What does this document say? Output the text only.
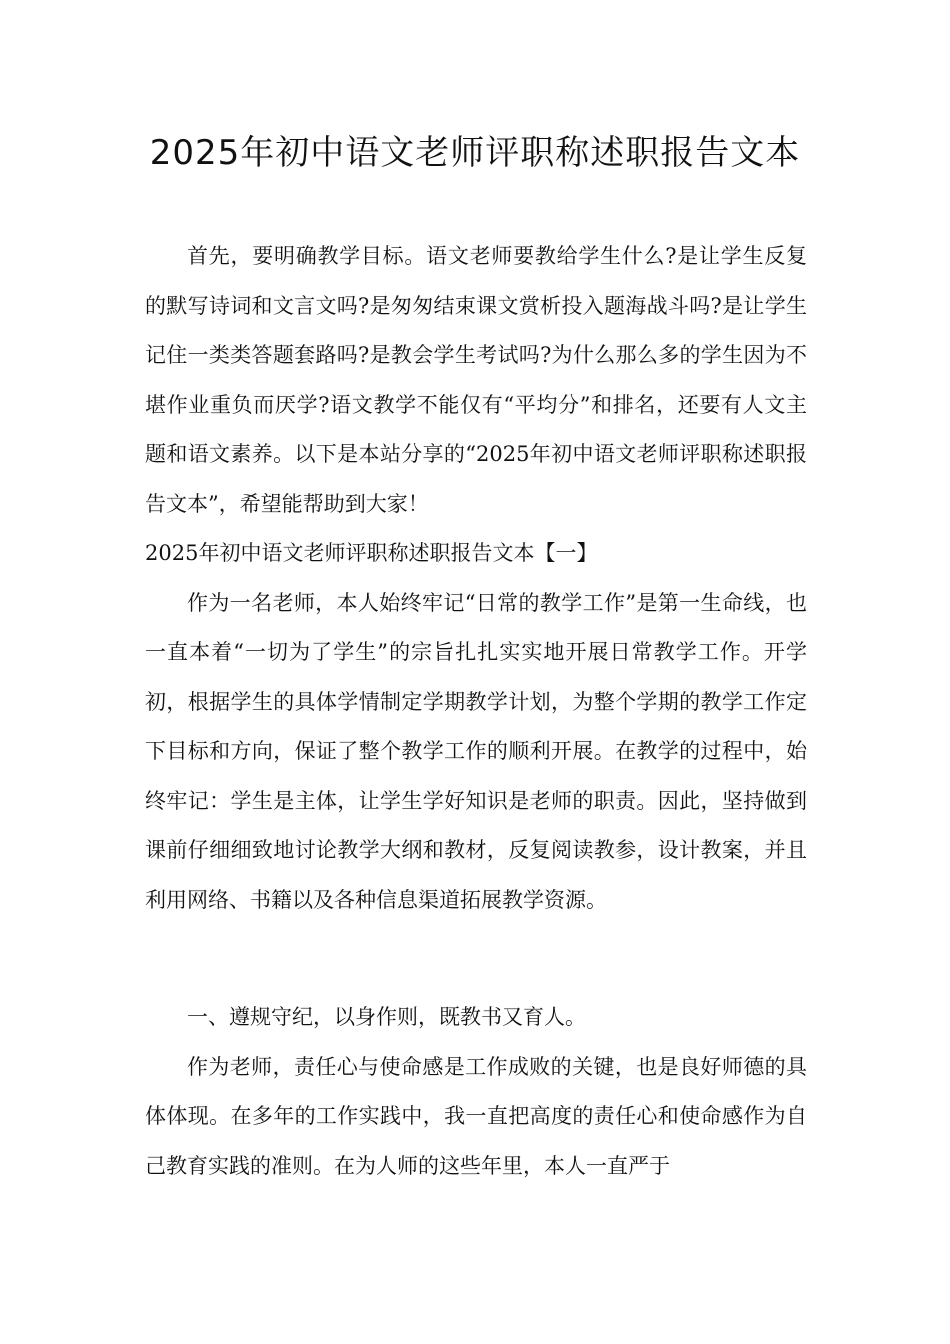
2025年初中语文老师评职称述职报告文本

首先，要明确教学目标。语文老师要教给学生什么?是让学生反复的默写诗词和文言文吗?是匆匆结束课文赏析投入题海战斗吗?是让学生记住一类类答题套路吗?是教会学生考试吗?为什么那么多的学生因为不堪作业重负而厌学?语文教学不能仅有“平均分”和排名，还要有人文主题和语文素养。以下是本站分享的“2025年初中语文老师评职称述职报告文本”，希望能帮助到大家！

2025年初中语文老师评职称述职报告文本【一】

作为一名老师，本人始终牢记“日常的教学工作”是第一生命线，也一直本着“一切为了学生”的宗旨扎扎实实地开展日常教学工作。开学初，根据学生的具体学情制定学期教学计划，为整个学期的教学工作定下目标和方向，保证了整个教学工作的顺利开展。在教学的过程中，始终牢记：学生是主体，让学生学好知识是老师的职责。因此，坚持做到课前仔细细致地讨论教学大纲和教材，反复阅读教参，设计教案，并且利用网络、书籍以及各种信息渠道拓展教学资源。

一、遵规守纪，以身作则，既教书又育人。

作为老师，责任心与使命感是工作成败的关键，也是良好师德的具体体现。在多年的工作实践中，我一直把高度的责任心和使命感作为自己教育实践的准则。在为人师的这些年里，本人一直严于
